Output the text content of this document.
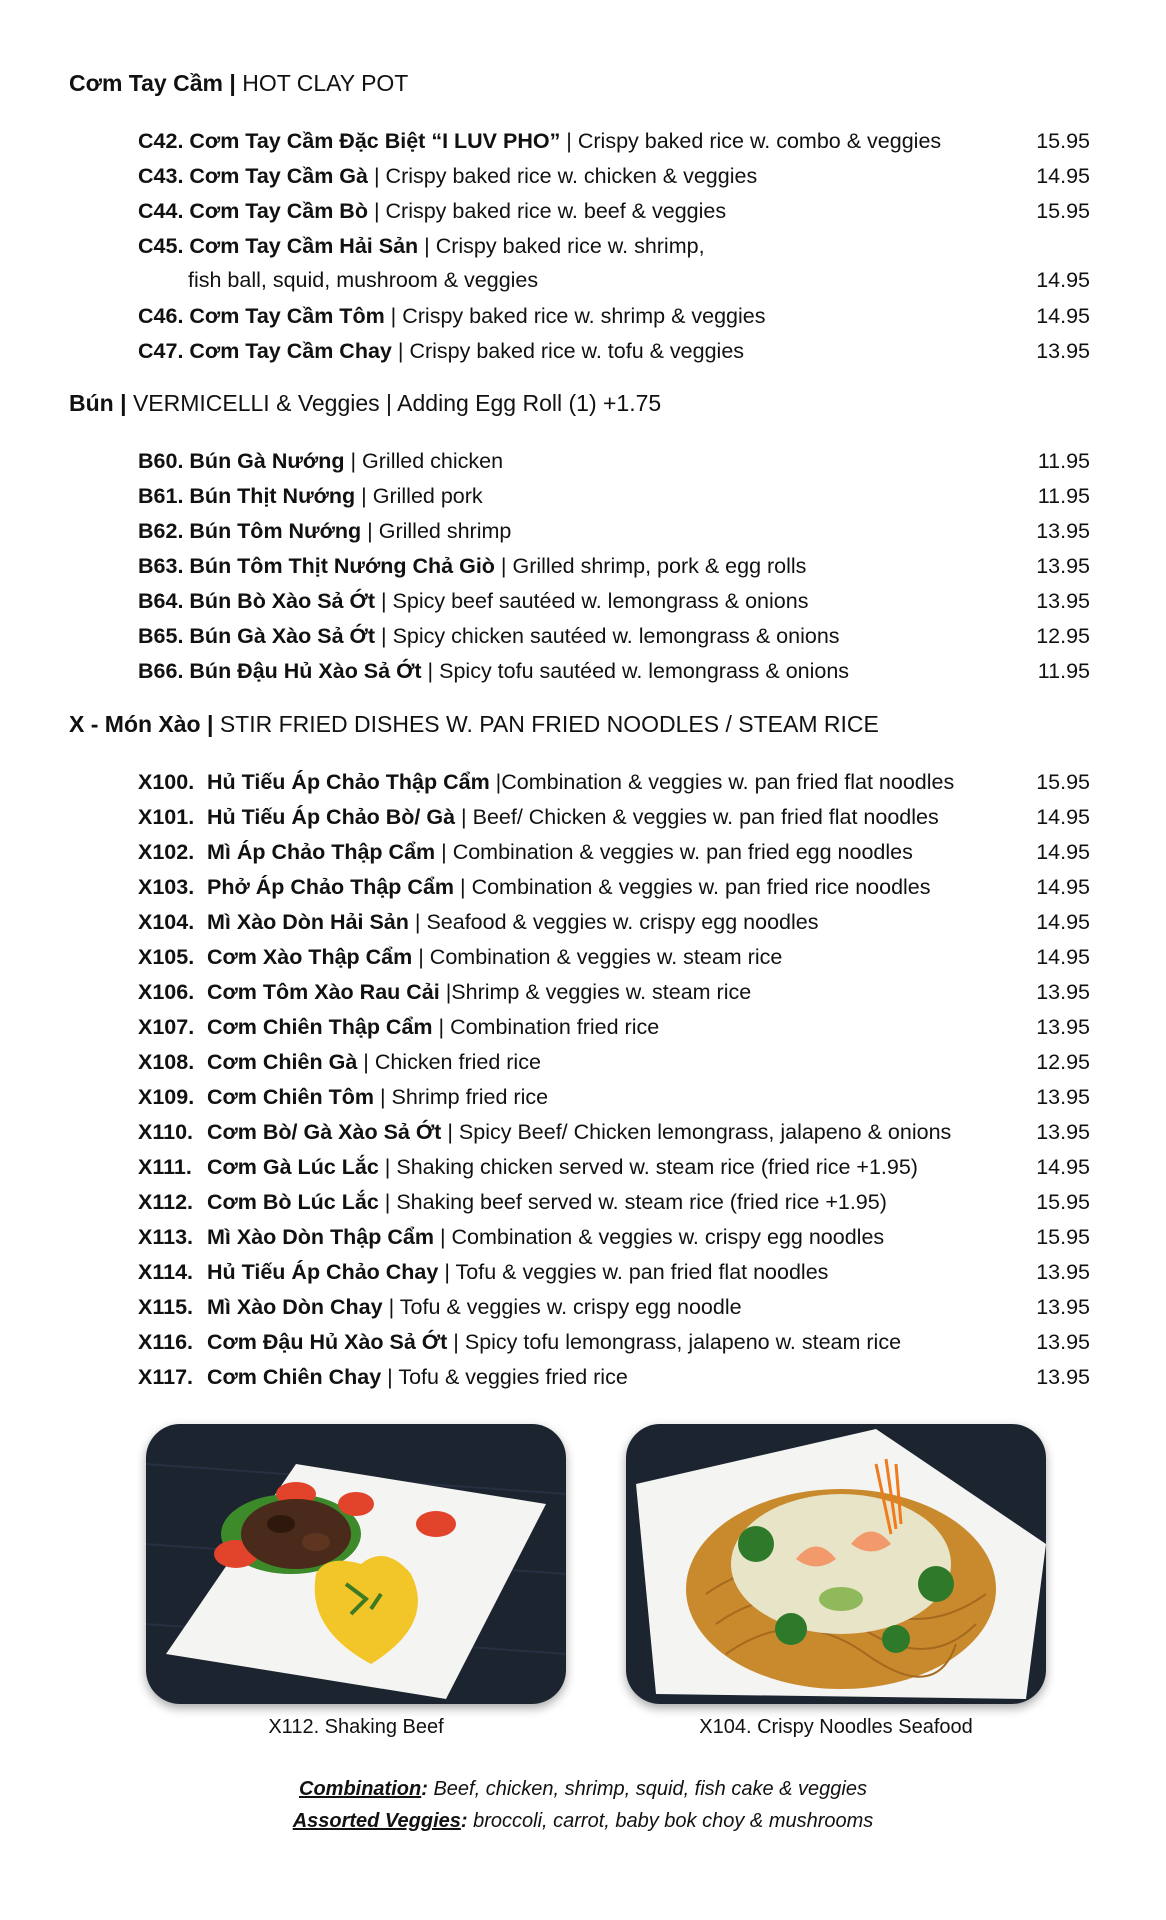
Cơm Tay Cầm | HOT CLAY POT
C42. Cơm Tay Cầm Đặc Biệt “I LUV PHO” | Crispy baked rice w. combo & veggies	15.95
C43. Cơm Tay Cầm Gà | Crispy baked rice w. chicken & veggies	14.95
C44. Cơm Tay Cầm Bò | Crispy baked rice w. beef & veggies	15.95
C45. Cơm Tay Cầm Hải Sản | Crispy baked rice w. shrimp,
fish ball, squid, mushroom & veggies	14.95
C46. Cơm Tay Cầm Tôm | Crispy baked rice w. shrimp & veggies	14.95
C47. Cơm Tay Cầm Chay | Crispy baked rice w. tofu & veggies	13.95
Bún | VERMICELLI & Veggies | Adding Egg Roll (1) +1.75
B60. Bún Gà Nướng | Grilled chicken	11.95
B61. Bún Thịt Nướng | Grilled pork	11.95
B62. Bún Tôm Nướng | Grilled shrimp	13.95
B63. Bún Tôm Thịt Nướng Chả Giò | Grilled shrimp, pork & egg rolls	13.95
B64. Bún Bò Xào Sả Ớt | Spicy beef sautéed w. lemongrass & onions	13.95
B65. Bún Gà Xào Sả Ớt | Spicy chicken sautéed w. lemongrass & onions	12.95
B66. Bún Đậu Hủ Xào Sả Ớt | Spicy tofu sautéed w. lemongrass & onions	11.95
X - Món Xào | STIR FRIED DISHES W. PAN FRIED NOODLES / STEAM RICE
X100. Hủ Tiếu Áp Chảo Thập Cẩm |Combination & veggies w. pan fried flat noodles	15.95
X101. Hủ Tiếu Áp Chảo Bò/ Gà | Beef/ Chicken & veggies w. pan fried flat noodles	14.95
X102. Mì Áp Chảo Thập Cẩm | Combination & veggies w. pan fried egg noodles	14.95
X103. Phở Áp Chảo Thập Cẩm | Combination & veggies w. pan fried rice noodles	14.95
X104. Mì Xào Dòn Hải Sản | Seafood & veggies w. crispy egg noodles	14.95
X105. Cơm Xào Thập Cẩm | Combination & veggies w. steam rice	14.95
X106. Cơm Tôm Xào Rau Cải |Shrimp & veggies w. steam rice	13.95
X107. Cơm Chiên Thập Cẩm | Combination fried rice	13.95
X108. Cơm Chiên Gà | Chicken fried rice	12.95
X109. Cơm Chiên Tôm | Shrimp fried rice	13.95
X110. Cơm Bò/ Gà Xào Sả Ớt | Spicy Beef/ Chicken lemongrass, jalapeno & onions	13.95
X111. Cơm Gà Lúc Lắc | Shaking chicken served w. steam rice (fried rice +1.95)	14.95
X112. Cơm Bò Lúc Lắc | Shaking beef served w. steam rice (fried rice +1.95)	15.95
X113. Mì Xào Dòn Thập Cẩm | Combination & veggies w. crispy egg noodles	15.95
X114. Hủ Tiếu Áp Chảo Chay | Tofu & veggies w. pan fried flat noodles	13.95
X115. Mì Xào Dòn Chay | Tofu & veggies w. crispy egg noodle	13.95
X116. Cơm Đậu Hủ Xào Sả Ớt | Spicy tofu lemongrass, jalapeno w. steam rice	13.95
X117. Cơm Chiên Chay | Tofu & veggies fried rice	13.95
X112. Shaking Beef	X104. Crispy Noodles Seafood
Combination: Beef, chicken, shrimp, squid, fish cake & veggies
Assorted Veggies: broccoli, carrot, baby bok choy & mushrooms
